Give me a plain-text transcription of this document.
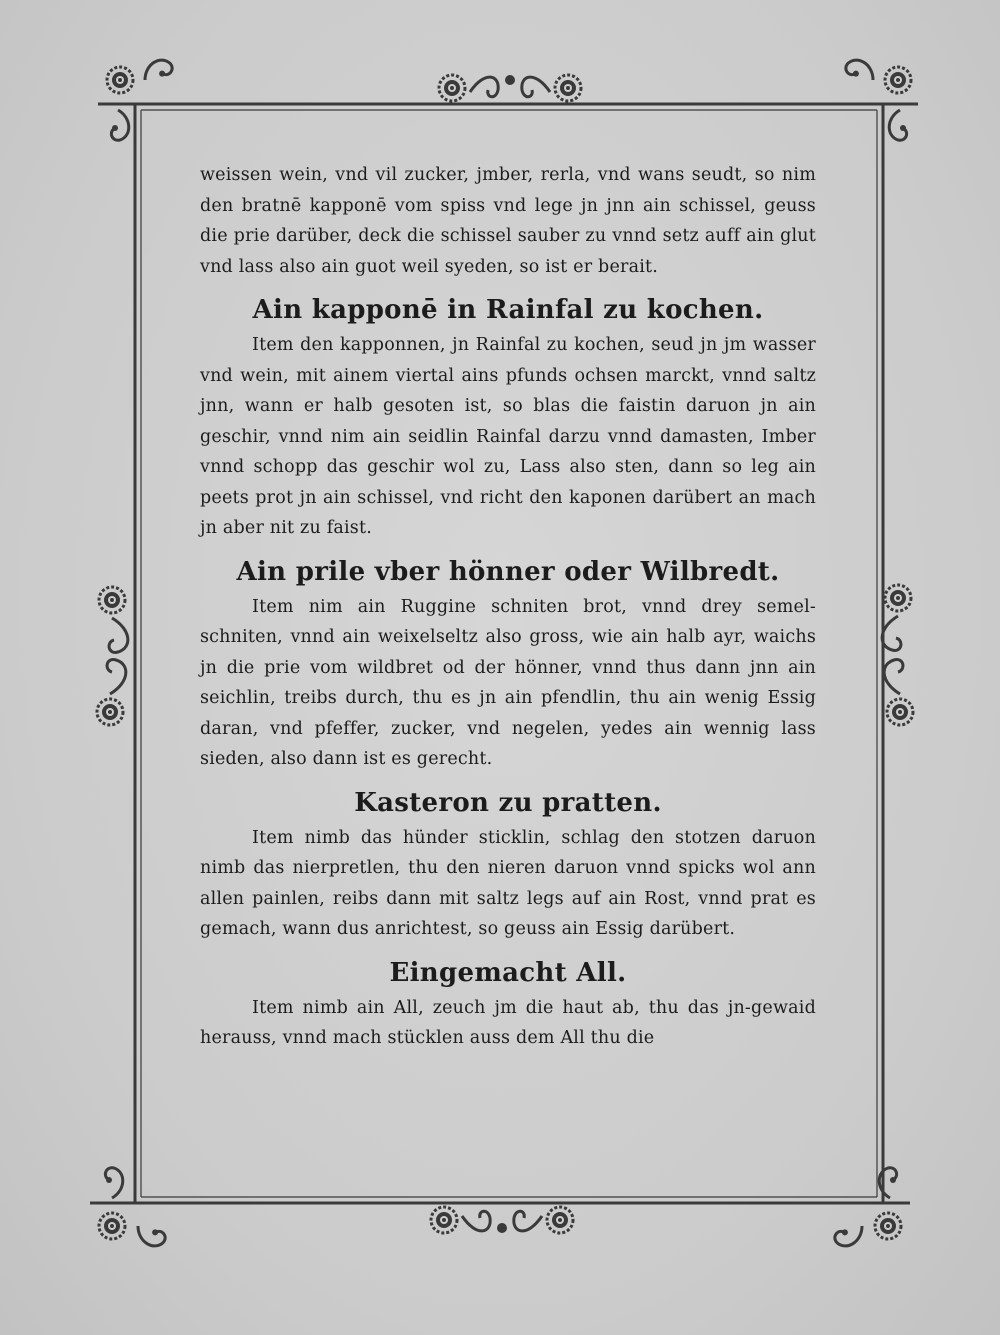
weissen wein, vnd vil zucker, jmber, rerla, vnd wans seudt, so nim den bratnē kapponē vom spiss vnd lege jn jnn ain schissel, geuss die prie darüber, deck die schissel sauber zu vnnd setz auff ain glut vnd lass also ain guot weil syeden, so ist er berait.

Ain kapponē in Rainfal zu kochen.

Item den kapponnen, jn Rainfal zu kochen, seud jn jm wasser vnd wein, mit ainem viertal ains pfunds ochsen marckt, vnnd saltz jnn, wann er halb gesoten ist, so blas die faistin daruon jn ain geschir, vnnd nim ain seidlin Rainfal darzu vnnd damasten, Imber vnnd schopp das geschir wol zu, Lass also sten, dann so leg ain peets prot jn ain schissel, vnd richt den kaponen darübert an mach jn aber nit zu faist.

Ain prile vber hönner oder Wilbredt.

Item nim ain Ruggine schniten brot, vnnd drey semel-schniten, vnnd ain weixelseltz also gross, wie ain halb ayr, waichs jn die prie vom wildbret od der hönner, vnnd thus dann jnn ain seichlin, treibs durch, thu es jn ain pfendlin, thu ain wenig Essig daran, vnd pfeffer, zucker, vnd negelen, yedes ain wennig lass sieden, also dann ist es gerecht.

Kasteron zu pratten.

Item nimb das hünder sticklin, schlag den stotzen daruon nimb das nierpretlen, thu den nieren daruon vnnd spicks wol ann allen painlen, reibs dann mit saltz legs auf ain Rost, vnnd prat es gemach, wann dus anrichtest, so geuss ain Essig darübert.

Eingemacht All.

Item nimb ain All, zeuch jm die haut ab, thu das jn-gewaid herauss, vnnd mach stücklen auss dem All thu die
